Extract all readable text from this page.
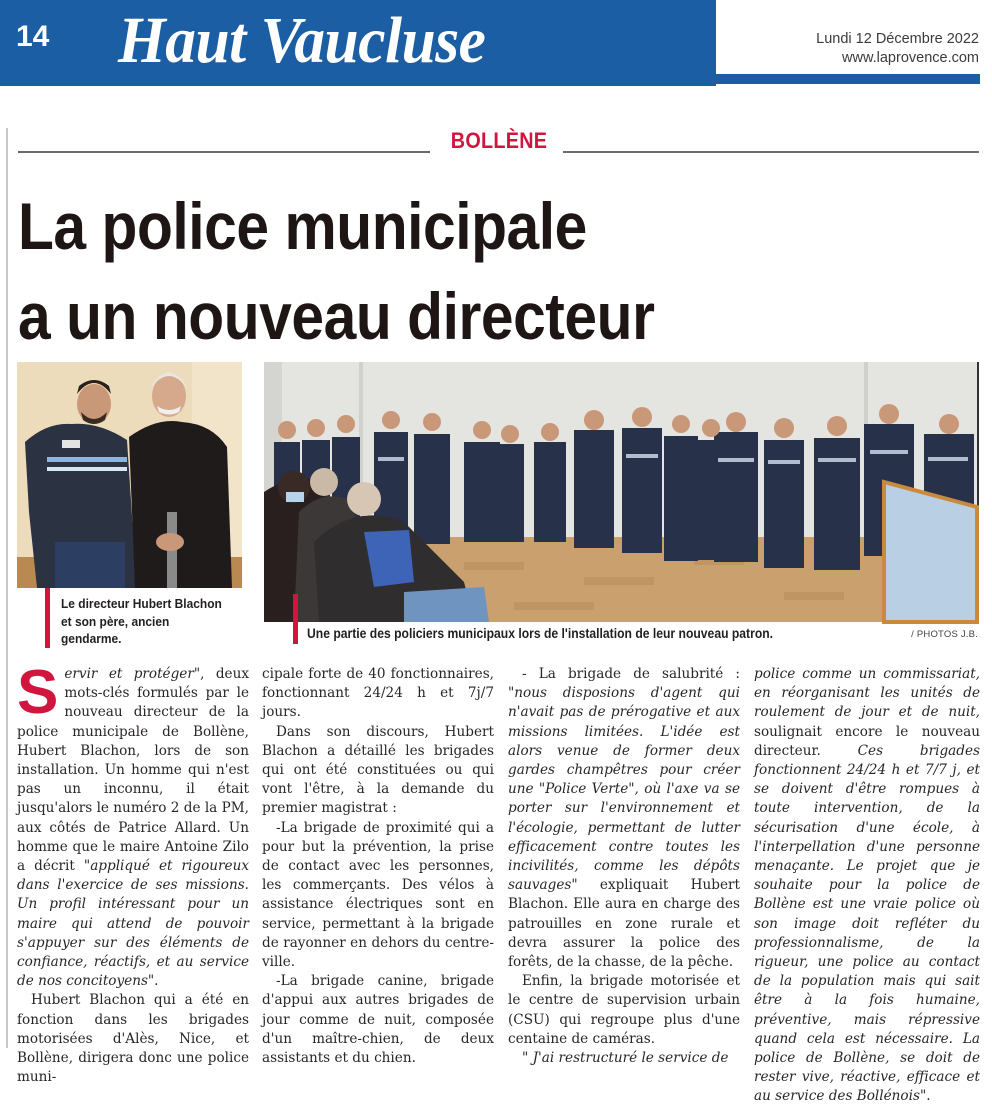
14 Haut Vaucluse	Lundi 12 Décembre 2022
www.laprovence.com
BOLLÈNE
La police municipale
a un nouveau directeur
Le directeur Hubert Blachon et son père, ancien gendarme.	Une partie des policiers municipaux lors de l'installation de leur nouveau patron.	/ PHOTOS J.B.

Servir et protéger", deux mots-clés formulés par le nouveau directeur de la police municipale de Bollène, Hubert Blachon, lors de son installation. Un homme qui n'est pas un inconnu, il était jusqu'alors le numéro 2 de la PM, aux côtés de Patrice Allard. Un homme que le maire Antoine Zilo a décrit "appliqué et rigoureux dans l'exercice de ses missions. Un profil intéressant pour un maire qui attend de pouvoir s'appuyer sur des éléments de confiance, réactifs, et au service de nos concitoyens".

Hubert Blachon qui a été en fonction dans les brigades motorisées d'Alès, Nice, et Bollène, dirigera donc une police muni-

cipale forte de 40 fonctionnaires, fonctionnant 24/24 h et 7j/7 jours.

Dans son discours, Hubert Blachon a détaillé les brigades qui ont été constituées ou qui vont l'être, à la demande du premier magistrat :

-La brigade de proximité qui a pour but la prévention, la prise de contact avec les personnes, les commerçants. Des vélos à assistance électriques sont en service, permettant à la brigade de rayonner en dehors du centre-ville.

-La brigade canine, brigade d'appui aux autres brigades de jour comme de nuit, composée d'un maître-chien, de deux assistants et du chien.

- La brigade de salubrité : "nous disposions d'agent qui n'avait pas de prérogative et aux missions limitées. L'idée est alors venue de former deux gardes champêtres pour créer une "Police Verte", où l'axe va se porter sur l'environnement et l'écologie, permettant de lutter efficacement contre toutes les incivilités, comme les dépôts sauvages" expliquait Hubert Blachon. Elle aura en charge des patrouilles en zone rurale et devra assurer la police des forêts, de la chasse, de la pêche.

Enfin, la brigade motorisée et le centre de supervision urbain (CSU) qui regroupe plus d'une centaine de caméras.

" J'ai restructuré le service de

police comme un commissariat, en réorganisant les unités de roulement de jour et de nuit, soulignait encore le nouveau directeur. Ces brigades fonctionnent 24/24 h et 7/7 j, et se doivent d'être rompues à toute intervention, de la sécurisation d'une école, à l'interpellation d'une personne menaçante. Le projet que je souhaite pour la police de Bollène est une vraie police où son image doit refléter du professionnalisme, de la rigueur, une police au contact de la population mais qui sait être à la fois humaine, préventive, mais répressive quand cela est nécessaire. La police de Bollène, se doit de rester vive, réactive, efficace et au service des Bollénois".
